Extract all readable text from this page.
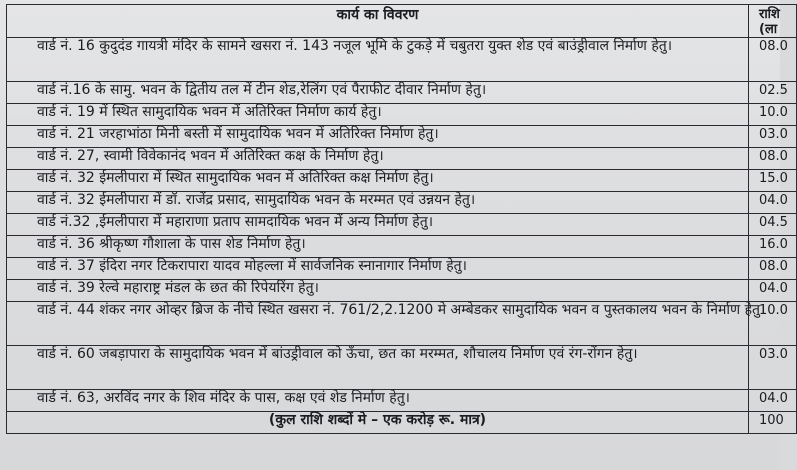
कार्य का विवरण	राशि
(ला
वार्ड नं. 16 कुदुदंड गायत्री मंदिर के सामने खसरा नं. 143 नजूल भूमि के टुकड़े में चबुतरा युक्त शेड एवं बाउंड्रीवाल निर्माण हेतु।	08.0
वार्ड नं.16 के सामु. भवन के द्वितीय तल में टीन शेड,रेलिंग एवं पैराफीट दीवार निर्माण हेतु।	02.5
वार्ड नं. 19 में स्थित सामुदायिक भवन में अतिरिक्त निर्माण कार्य हेतु।	10.0
वार्ड नं. 21 जरहाभांठा मिनी बस्ती में सामुदायिक भवन में अतिरिक्त निर्माण हेतु।	03.0
वार्ड नं. 27, स्वामी विवेकानंद भवन में अतिरिक्त कक्ष के निर्माण हेतु।	08.0
वार्ड नं. 32 ईमलीपारा में स्थित सामुदायिक भवन में अतिरिक्त कक्ष निर्माण हेतु।	15.0
वार्ड नं. 32 ईमलीपारा में डॉ. राजेंद्र प्रसाद, सामुदायिक भवन के मरम्मत एवं उन्नयन हेतु।	04.0
वार्ड नं.32 ,ईमलीपारा में महाराणा प्रताप सामदायिक भवन में अन्य निर्माण हेतु।	04.5
वार्ड नं. 36 श्रीकृष्ण गौशाला के पास शेड निर्माण हेतु।	16.0
वार्ड नं. 37 इंदिरा नगर टिकरापारा यादव मोहल्ला में सार्वजनिक स्नानागार निर्माण हेतु।	08.0
वार्ड नं. 39 रेल्वे महाराष्ट्र मंडल के छत की रिपेयरिंग हेतु।	04.0
वार्ड नं. 44 शंकर नगर ओव्हर ब्रिज के नीचे स्थित खसरा नं. 761/2,2.1200 मे अम्बेडकर सामुदायिक भवन व पुस्तकालय भवन के निर्माण हेतु।	10.0
वार्ड नं. 60 जबड़ापारा के सामुदायिक भवन में बांउड्रीवाल को ऊँचा, छत का मरम्मत, शौचालय निर्माण एवं रंग-रोंगन हेतु।	03.0
वार्ड नं. 63, अरविंद नगर के शिव मंदिर के पास, कक्ष एवं शेड निर्माण हेतु।	04.0
(कुल राशि शब्दों मे – एक करोड़ रू. मात्र)	100
